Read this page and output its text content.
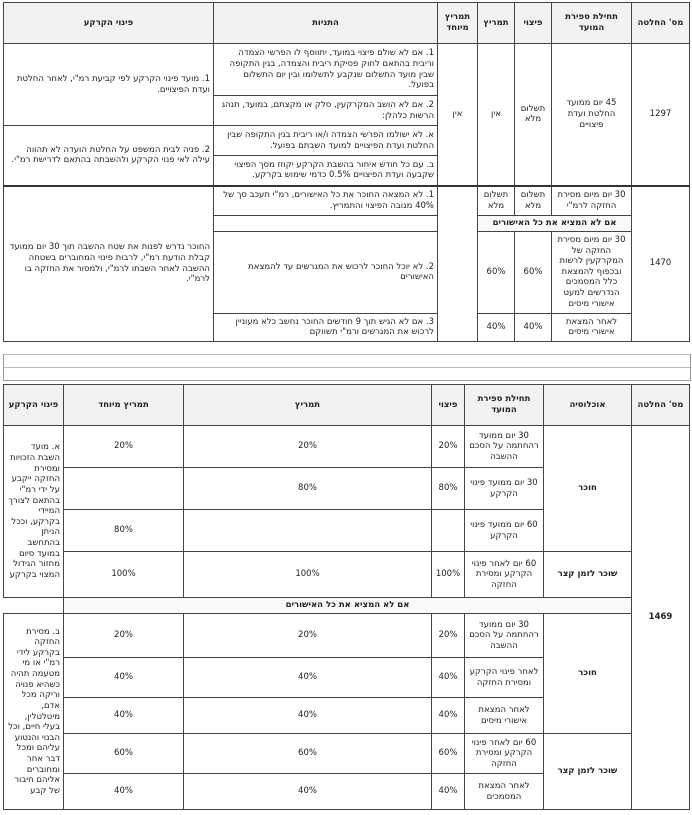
מס' החלטה	תחילת ספירת המועד	פיצוי	תמריץ	תמריץ מיוחד	התניות	פינוי הקרקע
1297	45 יום ממועד החלטת ועדת פיצויים	תשלום מלא	אין	אין	1. אם לא שולם פיצוי במועד, יתווסף לו הפרשי הצמדה וריבית בהתאם לחוק פסיקת ריבית והצמדה, בגין התקופה שבין מועד התשלום שנקבע לתשלומו ובין יום התשלום בפועל.	1. מועד פינוי הקרקע לפי קביעת רמ"י, לאחר החלטת ועדת הפיצויים.
					2. אם לא הושב המקרקעין, סלק או מקצתם, במועד, תנהג הרשות כלהלן:	
					א. לא ישולמו הפרשי הצמדה ו/או ריבית בגין התקופה שבין החלטת ועדת הפיצויים למועד השבתם בפועל.	2. פניה לבית המשפט על החלטת הועדה לא תהווה עילה לאי פנוי הקרקע ולהשבתה בהתאם לדרישת רמ"י.
					ב. עם כל חודש איחור בהשבת הקרקע יקוזז מסך הפיצוי שקבעה ועדת הפיצויים 0.5% כדמי שימוש בקרקע.	
1470	30 יום מיום מסירת החזקה לרמ"י	תשלום מלא	תשלום מלא		1. לא המצאה החוכר את כל האישורים, רמ"י תעכב סך של 40% מגובה הפיצוי והתמריץ.	החוכר נדרש לפנות את שטח ההשבה תוך 30 יום ממועד קבלת הודעת רמ"י, לרבות פינוי המחוברים בשטחה ההשבה לאחר השבתו לרמ"י, ולמסור את החזקה בו לרמ"י.
	אם לא המציא את כל האישורים					
	30 יום מיום מסירת החזקה של המקרקעין לרשות ובכפוף להמצאת כלל המסמכים הנדרשים למעט אישורי מיסים	60%	60%		2. לא יוכל החוכר לרכוש את המגרשים עד להמצאת האישורים	
	לאחר המצאת אישורי מיסים	40%	40%		3. אם לא הגיש תוך 9 חודשים החוכר נחשב כלא מעוניין לרכוש את המגרשים ורמ"י תשווקם	
מס' החלטה	אוכלוסיה	תחילת ספירת המועד	פיצוי	תמריץ	תמריץ מיוחד	פינוי הקרקע
1469	חוכר	30 יום ממועד רהחתמה על הסכם ההשבה	20%	20%	20%	א. מועד השבת הזכויות ומסירת החזקה ייקבע על ידי רמ"י בהתאם לצורך המיידי בקרקע, וככל הניתן בהתחשב במועד סיום מחזור הגידול המצוי בקרקע
		30 יום ממועד פינוי הקרקע	80%	80%		
		60 יום ממועד פינוי הקרקע			80%	
	שוכר לזמן קצר	60 יום לאחר פינוי הקרקע ומסירת החזקה	100%	100%	100%	
	אם לא המציא את כל האישורים					
	חוכר	30 יום ממועד רהחתמה על הסכם ההשבה	20%	20%	20%	ב. מסירת החזקה בקרקע לידי רמ"י או מי מטעמה תהיה כשהיא פנויה וריקה מכל אדם, מיטלטלין, בעלי חיים, וכל הבנוי והנטוע עליהם ומכל דבר אחר ומחוברים אליהם חיבור של קבע
		לאחר פינוי הקרקע ומסירת החזקה	40%	40%	40%	
		לאחר המצאת אישורי מיסים	40%	40%	40%	
	שוכר לזמן קצר	60 יום לאחר פינוי הקרקע ומסירת החזקה	60%	60%	60%	
		לאחר המצאת המסמכים	40%	40%	40%	
